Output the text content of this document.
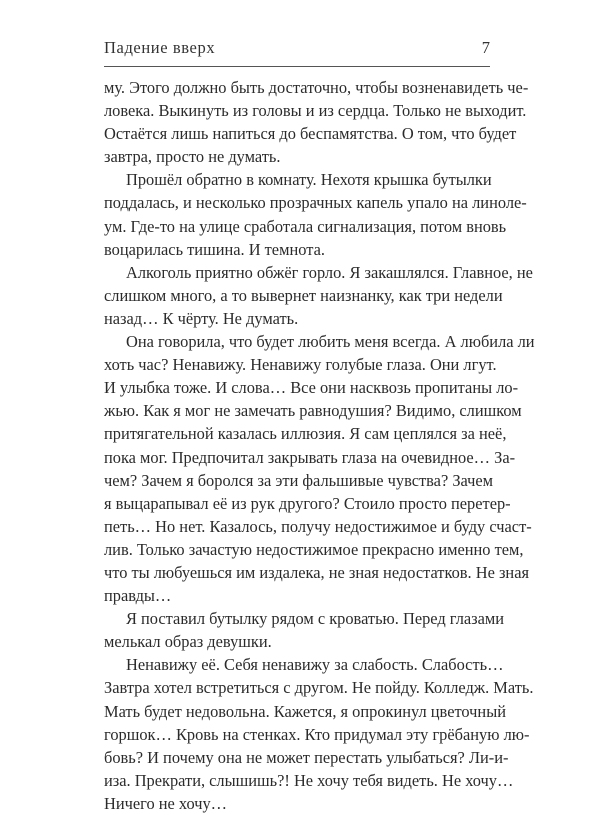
Падение вверх	7
му. Этого должно быть достаточно, чтобы возненавидеть че-
ловека. Выкинуть из головы и из сердца. Только не выходит.
Остаётся лишь напиться до беспамятства. О том, что будет
завтра, просто не думать.
Прошёл обратно в комнату. Нехотя крышка бутылки
поддалась, и несколько прозрачных капель упало на линоле-
ум. Где-то на улице сработала сигнализация, потом вновь
воцарилась тишина. И темнота.
Алкоголь приятно обжёг горло. Я закашлялся. Главное, не
слишком много, а то вывернет наизнанку, как три недели
назад… К чёрту. Не думать.
Она говорила, что будет любить меня всегда. А любила ли
хоть час? Ненавижу. Ненавижу голубые глаза. Они лгут.
И улыбка тоже. И слова… Все они насквозь пропитаны ло-
жью. Как я мог не замечать равнодушия? Видимо, слишком
притягательной казалась иллюзия. Я сам цеплялся за неё,
пока мог. Предпочитал закрывать глаза на очевидное… За-
чем? Зачем я боролся за эти фальшивые чувства? Зачем
я выцарапывал её из рук другого? Стоило просто перетер-
петь… Но нет. Казалось, получу недостижимое и буду счаст-
лив. Только зачастую недостижимое прекрасно именно тем,
что ты любуешься им издалека, не зная недостатков. Не зная
правды…
Я поставил бутылку рядом с кроватью. Перед глазами
мелькал образ девушки.
Ненавижу её. Себя ненавижу за слабость. Слабость…
Завтра хотел встретиться с другом. Не пойду. Колледж. Мать.
Мать будет недовольна. Кажется, я опрокинул цветочный
горшок… Кровь на стенках. Кто придумал эту грёбаную лю-
бовь? И почему она не может перестать улыбаться? Ли-и-
иза. Прекрати, слышишь?! Не хочу тебя видеть. Не хочу…
Ничего не хочу…
